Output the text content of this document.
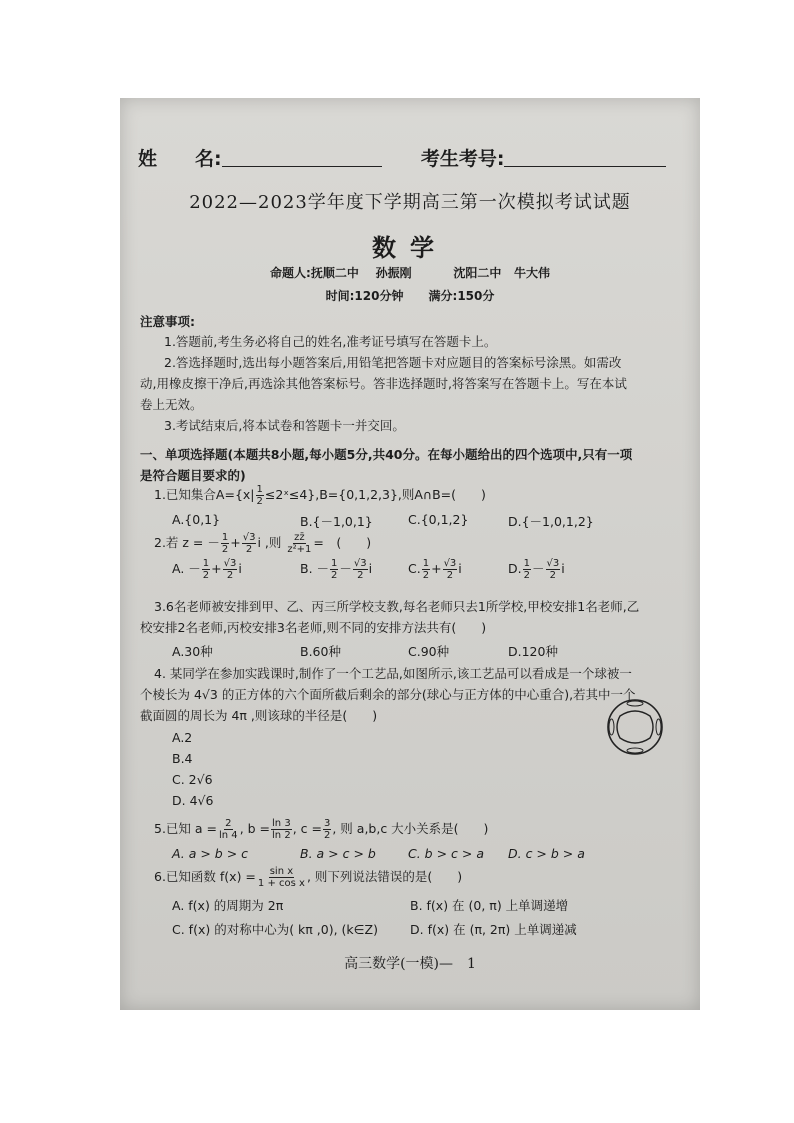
姓　　名:	考生考号:
2022—2023学年度下学期高三第一次模拟考试试题
数学
命题人:抚顺二中 孙振刚	沈阳二中 牛大伟
时间:120分钟 满分:150分
注意事项:
1.答题前,考生务必将自己的姓名,准考证号填写在答题卡上。
2.答选择题时,选出每小题答案后,用铅笔把答题卡对应题目的答案标号涂黑。如需改
动,用橡皮擦干净后,再选涂其他答案标号。答非选择题时,将答案写在答题卡上。写在本试
卷上无效。
3.考试结束后,将本试卷和答题卡一并交回。
一、单项选择题(本题共8小题,每小题5分,共40分。在每小题给出的四个选项中,只有一项
是符合题目要求的)
1.已知集合$A=\{x| \frac{1}{2}$ ≤2ˣ≤4},B={0,1,2,3},则A∩B=(　　)
A.{0,1}	B.{－1,0,1}	C.{0,1,2}	D.{－1,0,1,2}
2.若 z = － $\frac{1}{2} + \frac{√3}{2}$ i ,则 $\frac{zz̄}{\text{z²+1}}$ =　(　　)
A. － $\frac{1}{2} + \frac{√3}{2}$ i	B. － $\frac{1}{2} - \frac{√3}{2}$ i	C. $\frac{1}{2} + \frac{√3}{2}$ i	D. $\frac{1}{2} - \frac{√3}{2}$ i
3.6名老师被安排到甲、乙、丙三所学校支教,每名老师只去1所学校,甲校安排1名老师,乙
校安排2名老师,丙校安排3名老师,则不同的安排方法共有(　　)
A.30种	B.60种	C.90种	D.120种
4. 某同学在参加实践课时,制作了一个工艺品,如图所示,该工艺品可以看成是一个球被一
个棱长为 4√3 的正方体的六个面所截后剩余的部分(球心与正方体的中心重合),若其中一个
截面圆的周长为 4π ,则该球的半径是(　　)
A.2
B.4
C. 2√6
D. 4√6
5.已知 $a = \frac{2}{\ln 4}$ , $b = \frac{\ln 3}{\ln 2}$ , $c = \frac{3}{2}$ , 则 a,b,c 大小关系是(　　)
A. a > b > c	B. a > c > b	C. b > c > a D. c > b > a
6.已知函数 $f(x) = \frac{\text{sin x}}{\text{1 + cos x}}$ , 则下列说法错误的是(　　)
A. f(x) 的周期为 2π	B. f(x) 在 (0, π) 上单调递增
C. f(x) 的对称中心为( kπ ,0), (k∈Z)	D. f(x) 在 (π, 2π) 上单调递减
高三数学(一模)—　1
